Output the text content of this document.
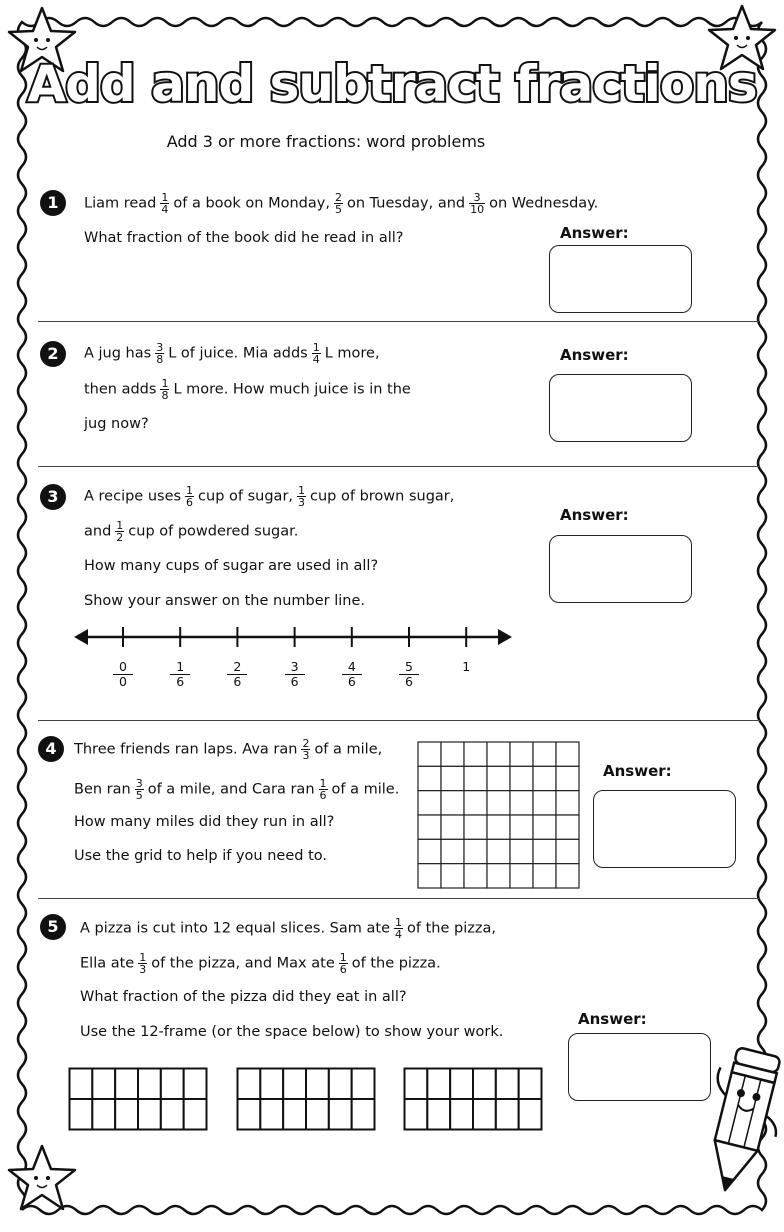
Add and subtract fractions
Add 3 or more fractions: word problems
1	Liam read $\frac{1}{4}$ of a book on Monday, $\frac{2}{5}$ on Tuesday, and $\frac{3}{10}$ on Wednesday.
What fraction of the book did he read in all?	Answer:
2	A jug has $\frac{3}{8}$ L of juice. Mia adds $\frac{1}{4}$ L more,
then adds $\frac{1}{8}$ L more. How much juice is in the
jug now?
Answer:
3	A recipe uses $\frac{1}{6}$ cup of sugar, $\frac{1}{3}$ cup of brown sugar,
and $\frac{1}{2}$ cup of powdered sugar.
How many cups of sugar are used in all?
Show your answer on the number line.
Answer:
0
0
1
6
2
6
3
6
4
6
5
6
1
4	Three friends ran laps. Ava ran $\frac{2}{3}$ of a mile,
Ben ran $\frac{3}{5}$ of a mile, and Cara ran $\frac{1}{6}$ of a mile.
How many miles did they run in all?
Use the grid to help if you need to.
Answer:
5	A pizza is cut into 12 equal slices. Sam ate $\frac{1}{4}$ of the pizza,
Ella ate $\frac{1}{3}$ of the pizza, and Max ate $\frac{1}{6}$ of the pizza.
What fraction of the pizza did they eat in all?
Use the 12-frame (or the space below) to show your work.
Answer:
